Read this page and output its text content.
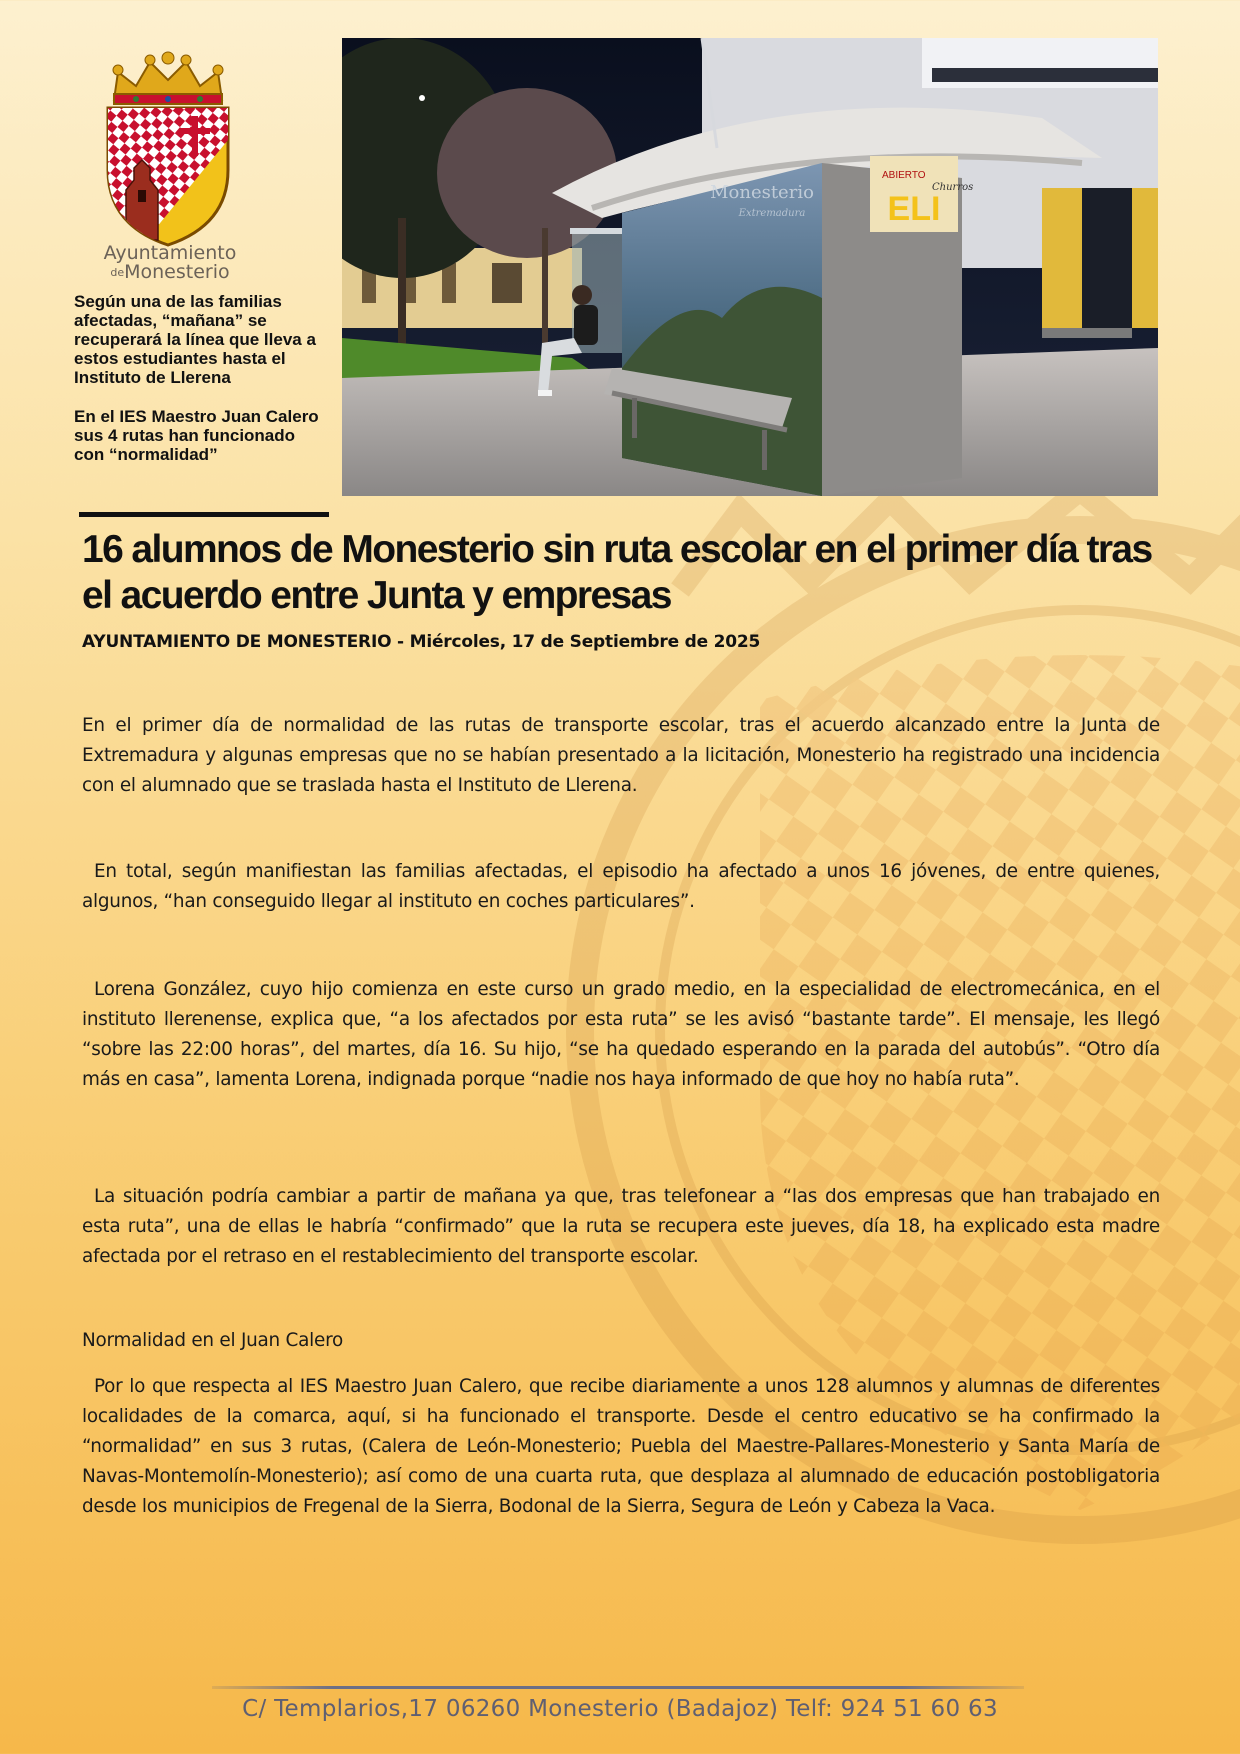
Ayuntamiento
deMonesterio
Según una de las familias afectadas, “mañana” se recuperará la línea que lleva a estos estudiantes hasta el Instituto de Llerena
En el IES Maestro Juan Calero sus 4 rutas han funcionado con “normalidad”
ELI
ABIERTO
Churros
Monesterio
Extremadura
16 alumnos de Monesterio sin ruta escolar en el primer día tras el acuerdo entre Junta y empresas
AYUNTAMIENTO DE MONESTERIO - Miércoles, 17 de Septiembre de 2025

En el primer día de normalidad de las rutas de transporte escolar, tras el acuerdo alcanzado entre la Junta de Extremadura y algunas empresas que no se habían presentado a la licitación, Monesterio ha registrado una incidencia con el alumnado que se traslada hasta el Instituto de Llerena.

En total, según manifiestan las familias afectadas, el episodio ha afectado a unos 16 jóvenes, de entre quienes, algunos, “han conseguido llegar al instituto en coches particulares”.

Lorena González, cuyo hijo comienza en este curso un grado medio, en la especialidad de electromecánica, en el instituto llerenense, explica que, “a los afectados por esta ruta” se les avisó “bastante tarde”. El mensaje, les llegó “sobre las 22:00 horas”, del martes, día 16. Su hijo, “se ha quedado esperando en la parada del autobús”. “Otro día más en casa”, lamenta Lorena, indignada porque “nadie nos haya informado de que hoy no había ruta”.

La situación podría cambiar a partir de mañana ya que, tras telefonear a “las dos empresas que han trabajado en esta ruta”, una de ellas le habría “confirmado” que la ruta se recupera este jueves, día 18, ha explicado esta madre afectada por el retraso en el restablecimiento del transporte escolar.

Normalidad en el Juan Calero

Por lo que respecta al IES Maestro Juan Calero, que recibe diariamente a unos 128 alumnos y alumnas de diferentes localidades de la comarca, aquí, si ha funcionado el transporte. Desde el centro educativo se ha confirmado la “normalidad” en sus 3 rutas, (Calera de León-Monesterio; Puebla del Maestre-Pallares-Monesterio y Santa María de Navas-Montemolín-Monesterio); así como de una cuarta ruta, que desplaza al alumnado de educación postobligatoria desde los municipios de Fregenal de la Sierra, Bodonal de la Sierra, Segura de León y Cabeza la Vaca.

C/ Templarios,17 06260 Monesterio (Badajoz) Telf: 924 51 60 63
